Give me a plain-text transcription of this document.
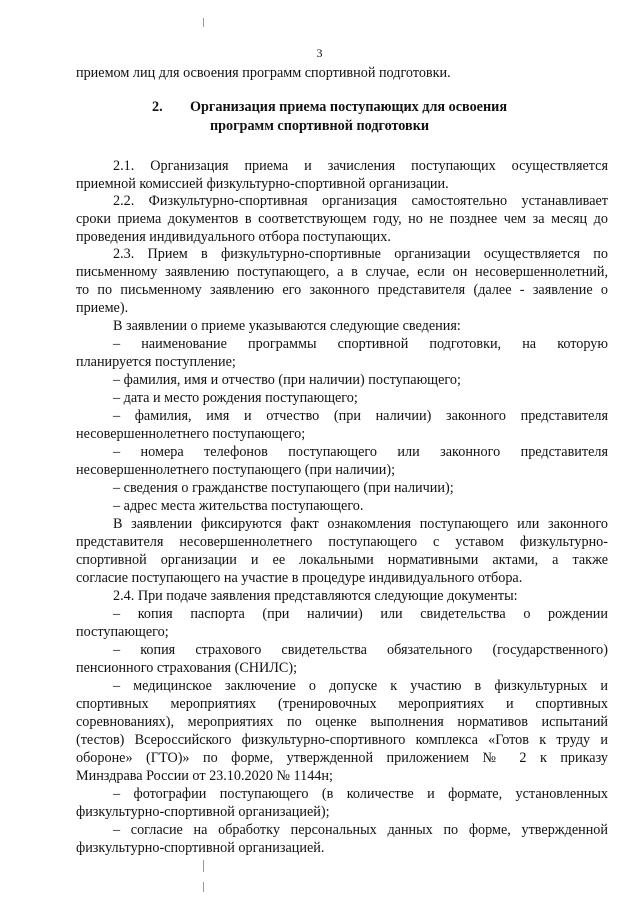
3
приемом лиц для освоения программ спортивной подготовки.
2. Организация приема поступающих для освоения
программ спортивной подготовки
2.1. Организация приема и зачисления поступающих осуществляется
приемной комиссией физкультурно-спортивной организации.
2.2. Физкультурно-спортивная организация самостоятельно устанавливает
сроки приема документов в соответствующем году, но не позднее чем за месяц до
проведения индивидуального отбора поступающих.
2.3. Прием в физкультурно-спортивные организации осуществляется по
письменному заявлению поступающего, а в случае, если он несовершеннолетний,
то по письменному заявлению его законного представителя (далее - заявление о
приеме).
В заявлении о приеме указываются следующие сведения:
– наименование программы спортивной подготовки, на которую
планируется поступление;
– фамилия, имя и отчество (при наличии) поступающего;
– дата и место рождения поступающего;
– фамилия, имя и отчество (при наличии) законного представителя
несовершеннолетнего поступающего;
– номера телефонов поступающего или законного представителя
несовершеннолетнего поступающего (при наличии);
– сведения о гражданстве поступающего (при наличии);
– адрес места жительства поступающего.
В заявлении фиксируются факт ознакомления поступающего или законного
представителя несовершеннолетнего поступающего с уставом физкультурно-
спортивной организации и ее локальными нормативными актами, а также
согласие поступающего на участие в процедуре индивидуального отбора.
2.4. При подаче заявления представляются следующие документы:
– копия паспорта (при наличии) или свидетельства о рождении
поступающего;
– копия страхового свидетельства обязательного (государственного)
пенсионного страхования (СНИЛС);
– медицинское заключение о допуске к участию в физкультурных и
спортивных мероприятиях (тренировочных мероприятиях и спортивных
соревнованиях), мероприятиях по оценке выполнения нормативов испытаний
(тестов) Всероссийского физкультурно-спортивного комплекса «Готов к труду и
обороне» (ГТО)» по форме, утвержденной приложением № 2 к приказу
Минздрава России от 23.10.2020 № 1144н;
– фотографии поступающего (в количестве и формате, установленных
физкультурно-спортивной организацией);
– согласие на обработку персональных данных по форме, утвержденной
физкультурно-спортивной организацией.
